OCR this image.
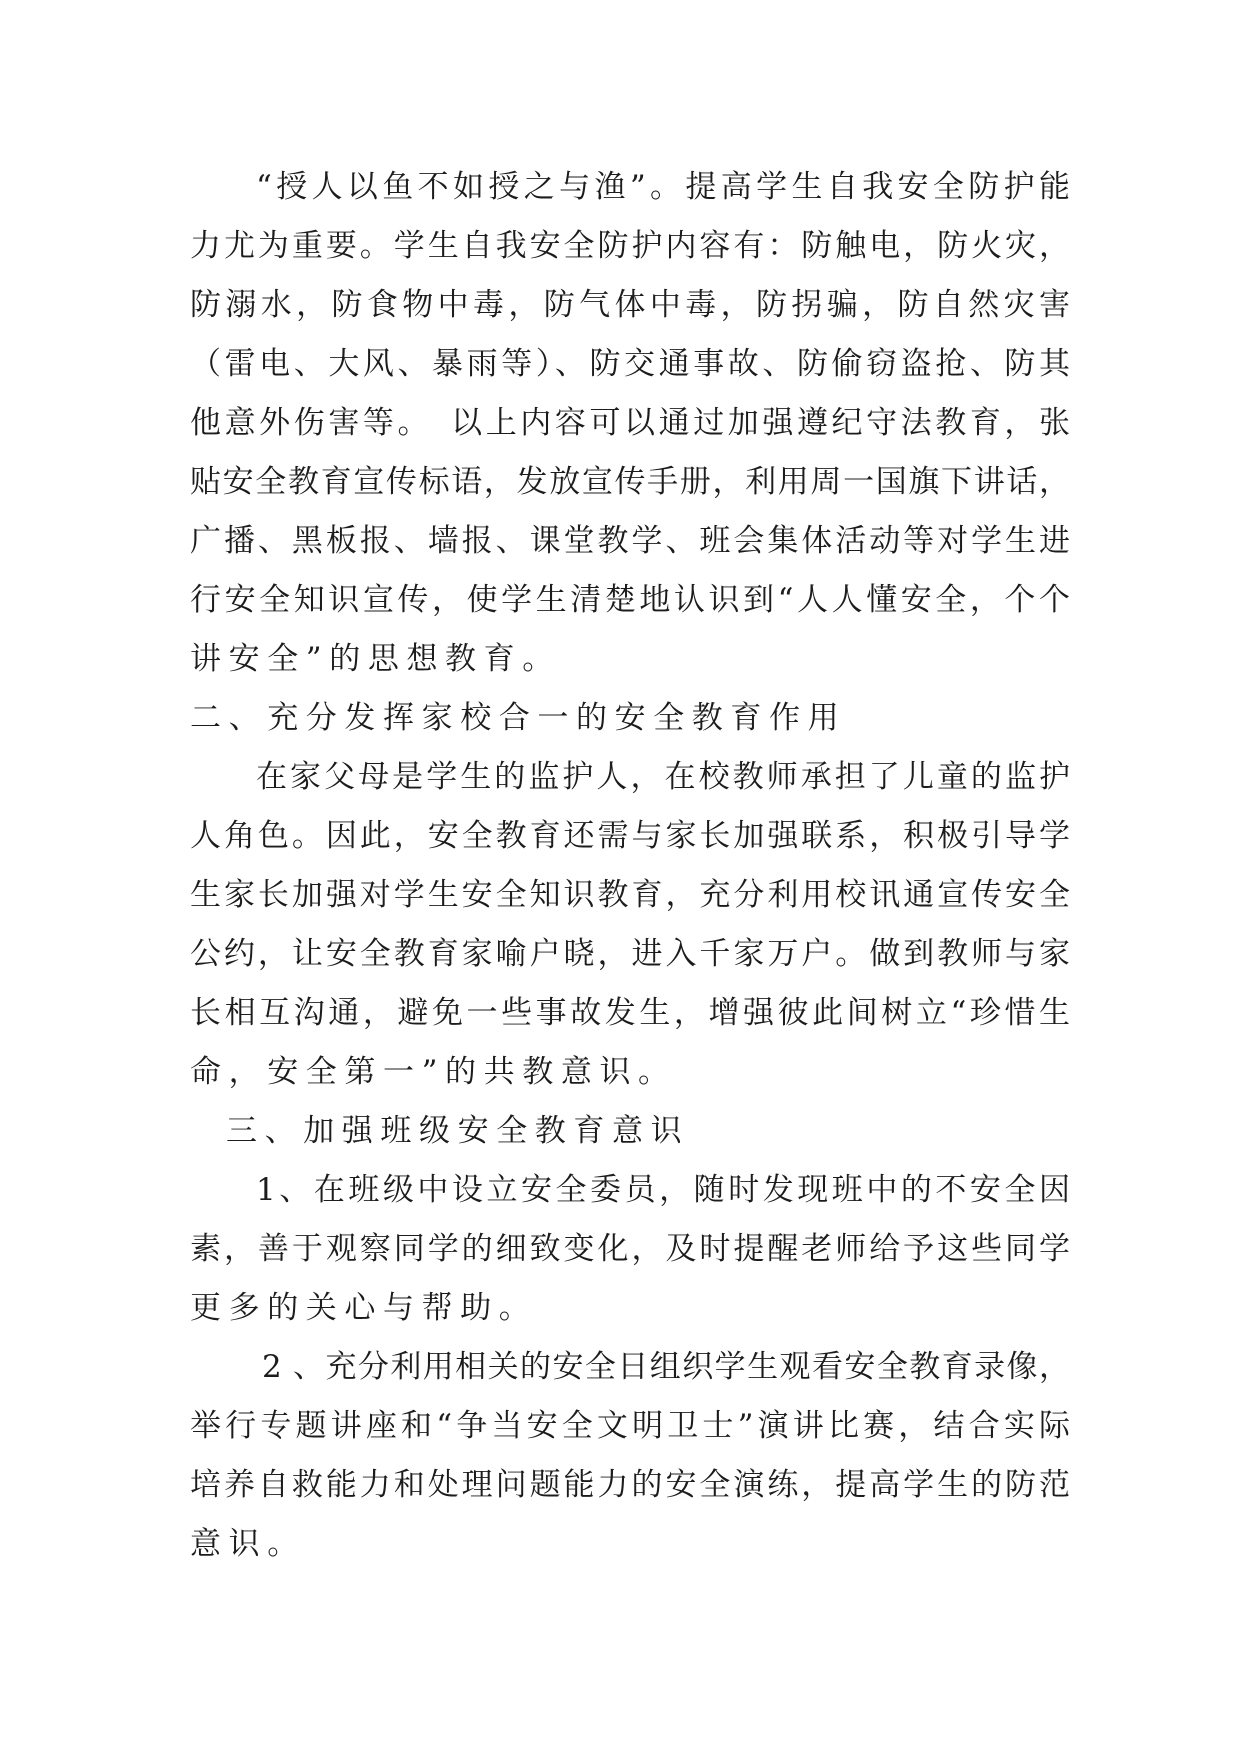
“授人以鱼不如授之与渔”。提高学生自我安全防护能
力尤为重要。学生自我安全防护内容有：防触电，防火灾，
防溺水，防食物中毒，防气体中毒，防拐骗，防自然灾害
（雷电、大风、暴雨等）、防交通事故、防偷窃盗抢、防其
他意外伤害等。　以上内容可以通过加强遵纪守法教育，张
贴安全教育宣传标语，发放宣传手册，利用周一国旗下讲话，
广播、黑板报、墙报、课堂教学、班会集体活动等对学生进
行安全知识宣传，使学生清楚地认识到“人人懂安全，个个
讲安全”的思想教育。
二、充分发挥家校合一的安全教育作用
在家父母是学生的监护人，在校教师承担了儿童的监护
人角色。因此，安全教育还需与家长加强联系，积极引导学
生家长加强对学生安全知识教育，充分利用校讯通宣传安全
公约，让安全教育家喻户晓，进入千家万户。做到教师与家
长相互沟通，避免一些事故发生，增强彼此间树立“珍惜生
命，安全第一”的共教意识。
三、加强班级安全教育意识
1、在班级中设立安全委员，随时发现班中的不安全因
素，善于观察同学的细致变化，及时提醒老师给予这些同学
更多的关心与帮助。
2 、充分利用相关的安全日组织学生观看安全教育录像，
举行专题讲座和“争当安全文明卫士”演讲比赛，结合实际
培养自救能力和处理问题能力的安全演练，提高学生的防范
意识。
